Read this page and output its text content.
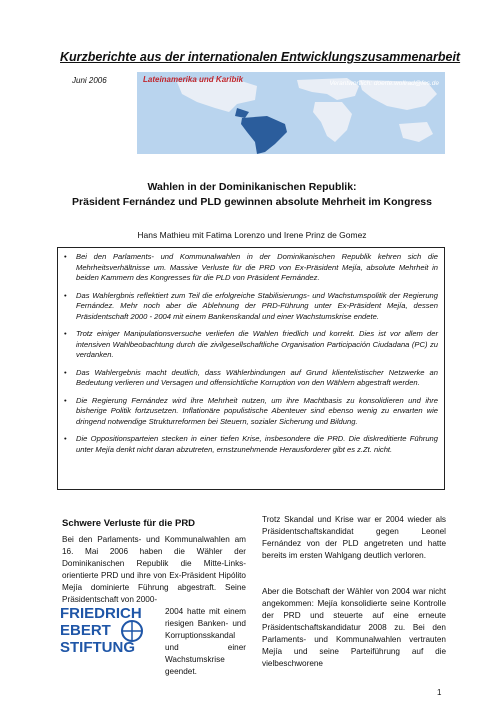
Kurzberichte aus der internationalen Entwicklungszusammenarbeit
Juni 2006	Lateinamerika und Karibik	Verantwortlich: doerte.wollrad@fes.de
Wahlen in der Dominikanischen Republik:
Präsident Fernández und PLD gewinnen absolute Mehrheit im Kongress
Hans Mathieu mit Fatima Lorenzo und Irene Prinz de Gomez
• Bei den Parlaments- und Kommunalwahlen in der Dominikanischen Republik kehren sich die Mehrheitsverhältnisse um. Massive Verluste für die PRD von Ex-Präsident Mejía, absolute Mehrheit in beiden Kammern des Kongresses für die PLD von Präsident Fernández.
• Das Wahlergbnis reflektiert zum Teil die erfolgreiche Stabilisierungs- und Wachstumspolitik der Regierung Fernández. Mehr noch aber die Ablehnung der PRD-Führung unter Ex-Präsident Mejía, dessen Präsidentschaft 2000 - 2004 mit einem Bankenskandal und einer Wachstumskrise endete.
• Trotz einiger Manipulationsversuche verliefen die Wahlen friedlich und korrekt. Dies ist vor allem der intensiven Wahlbeobachtung durch die zivilgesellschaftliche Organisation Participación Ciudadana (PC) zu verdanken.
• Das Wahlergebnis macht deutlich, dass Wählerbindungen auf Grund klientelistischer Netzwerke an Bedeutung verlieren und Versagen und offensichtliche Korruption von den Wählern abgestraft werden.
• Die Regierung Fernández wird ihre Mehrheit nutzen, um ihre Machtbasis zu konsolidieren und ihre bisherige Politik fortzusetzen. Inflationäre populistische Abenteuer sind ebenso wenig zu erwarten wie dringend notwendige Strukturreformen bei Steuern, sozialer Sicherung und Bildung.
• Die Oppositionsparteien stecken in einer tiefen Krise, insbesondere die PRD. Die diskreditierte Führung unter Mejía denkt nicht daran abzutreten, ernstzunehmende Herausforderer gibt es z.Zt. nicht.
Schwere Verluste für die PRD

Bei den Parlaments- und Kommunalwahlen am 16. Mai 2006 haben die Wähler der Dominikanischen Republik die Mitte-Links-orientierte PRD und ihre von Ex-Präsident Hipólito Mejía dominierte Führung abgestraft. Seine Präsidentschaft von 2000-

FRIEDRICH
EBERT
STIFTUNG

2004 hatte mit einem riesigen Banken- und Korruptionsskandal und einer Wachstumskrise geendet.

Trotz Skandal und Krise war er 2004 wieder als Präsidentschaftskandidat gegen Leonel Fernández von der PLD angetreten und hatte bereits im ersten Wahlgang deutlich verloren.

Aber die Botschaft der Wähler von 2004 war nicht angekommen: Mejía konsolidierte seine Kontrolle der PRD und steuerte auf eine erneute Präsidentschaftskandidatur 2008 zu. Bei den Parlaments- und Kommunalwahlen vertrauten Mejía und seine Parteiführung auf die vielbeschworene

1
